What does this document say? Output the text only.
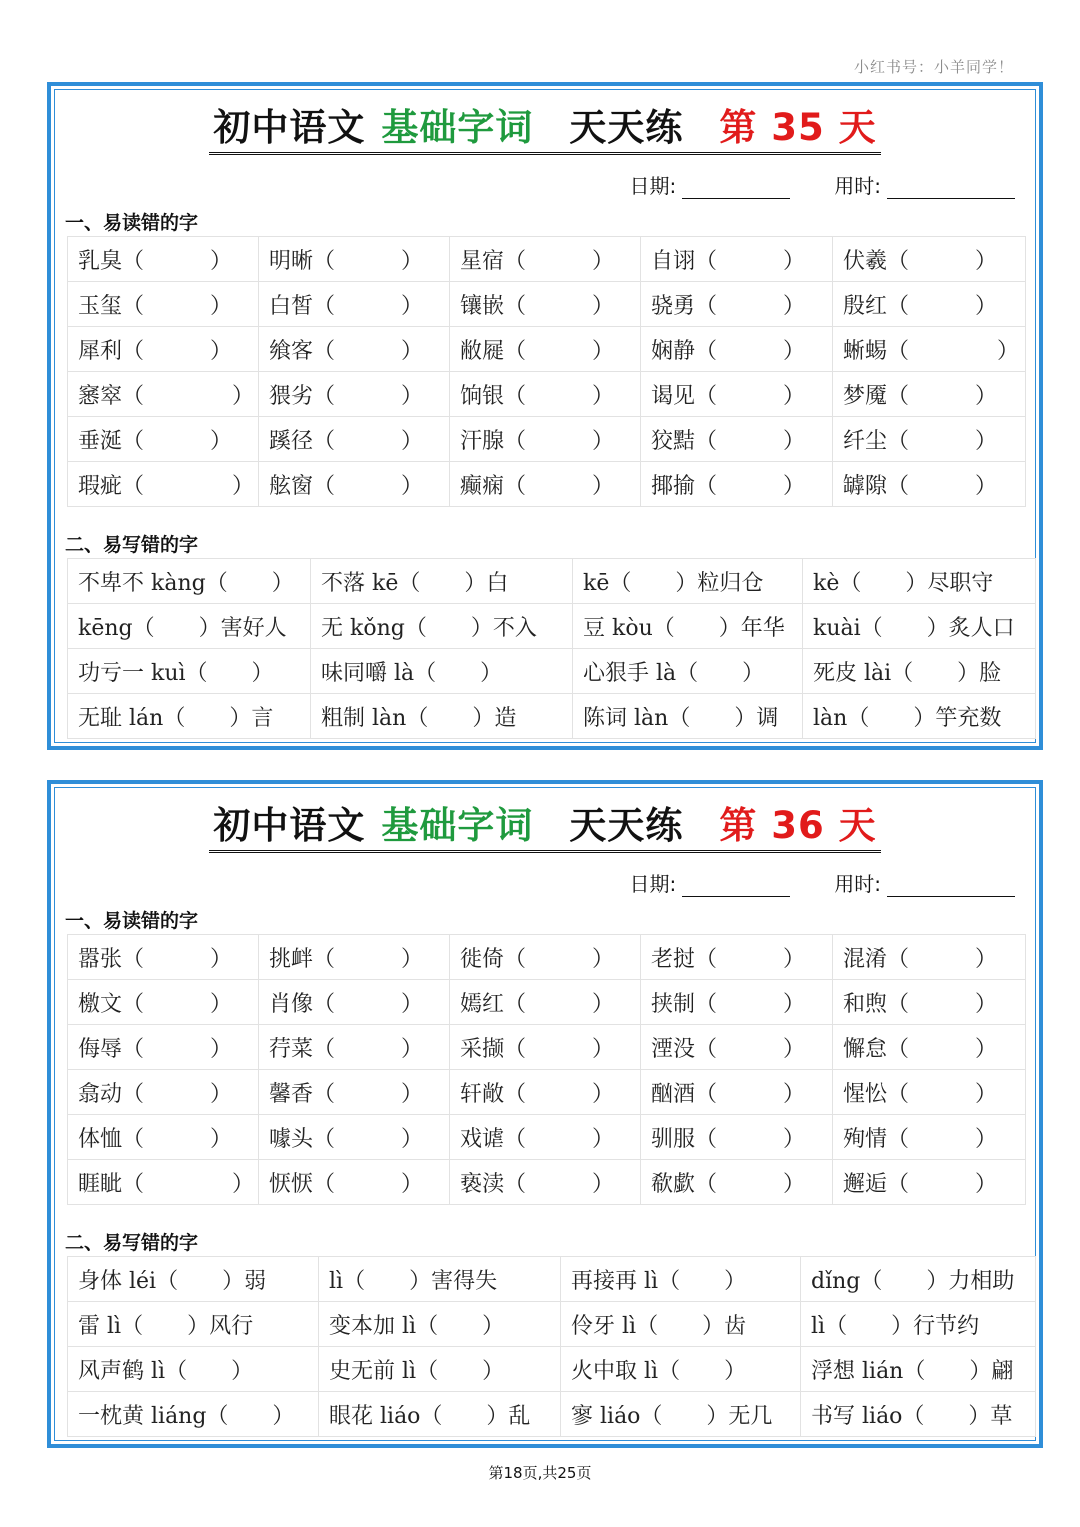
小红书号：小羊同学！
初中语文 基础字词 天天练 第 35 天
日期:	用时:
一、易读错的字
乳臭（　　　）	明晰（　　　）	星宿（　　　）	自诩（　　　）	伏羲（　　　）
玉玺（　　　）	白皙（　　　）	镶嵌（　　　）	骁勇（　　　）	殷红（　　　）
犀利（　　　）	飨客（　　　）	敝屣（　　　）	娴静（　　　）	蜥蜴（　　　　）
窸窣（　　　　）	猥劣（　　　）	饷银（　　　）	谒见（　　　）	梦魇（　　　）
垂涎（　　　）	蹊径（　　　）	汗腺（　　　）	狡黠（　　　）	纤尘（　　　）
瑕疵（　　　　）	舷窗（　　　）	癫痫（　　　）	揶揄（　　　）	罅隙（　　　）
二、易写错的字
不卑不 kàng（　　）	不落 kē（　　）白	kē（　　）粒归仓	kè（　　）尽职守
kēng（　　）害好人	无 kǒng（　　）不入	豆 kòu（　　）年华	kuài（　　）炙人口
功亏一 kuì（　　）	味同嚼 là（　　）	心狠手 là（　　）	死皮 lài（　　）脸
无耻 lán（　　）言	粗制 làn（　　）造	陈词 làn（　　）调	làn（　　）竽充数
初中语文 基础字词 天天练 第 36 天
日期:	用时:
一、易读错的字
嚣张（　　　）	挑衅（　　　）	徙倚（　　　）	老挝（　　　）	混淆（　　　）
檄文（　　　）	肖像（　　　）	嫣红（　　　）	挟制（　　　）	和煦（　　　）
侮辱（　　　）	荇菜（　　　）	采撷（　　　）	湮没（　　　）	懈怠（　　　）
翕动（　　　）	馨香（　　　）	轩敞（　　　）	酗酒（　　　）	惺忪（　　　）
体恤（　　　）	噱头（　　　）	戏谑（　　　）	驯服（　　　）	殉情（　　　）
睚眦（　　　　）	恹恹（　　　）	亵渎（　　　）	欷歔（　　　）	邂逅（　　　）
二、易写错的字
身体 léi（　　）弱	lì（　　）害得失	再接再 lì（　　）	dǐng（　　）力相助
雷 lì（　　）风行	变本加 lì（　　）	伶牙 lì（　　）齿	lì（　　）行节约
风声鹤 lì（　　）	史无前 lì（　　）	火中取 lì（　　）	浮想 lián（　　）翩
一枕黄 liáng（　　）	眼花 liáo（　　）乱	寥 liáo（　　）无几	书写 liáo（　　）草
第18页,共25页
